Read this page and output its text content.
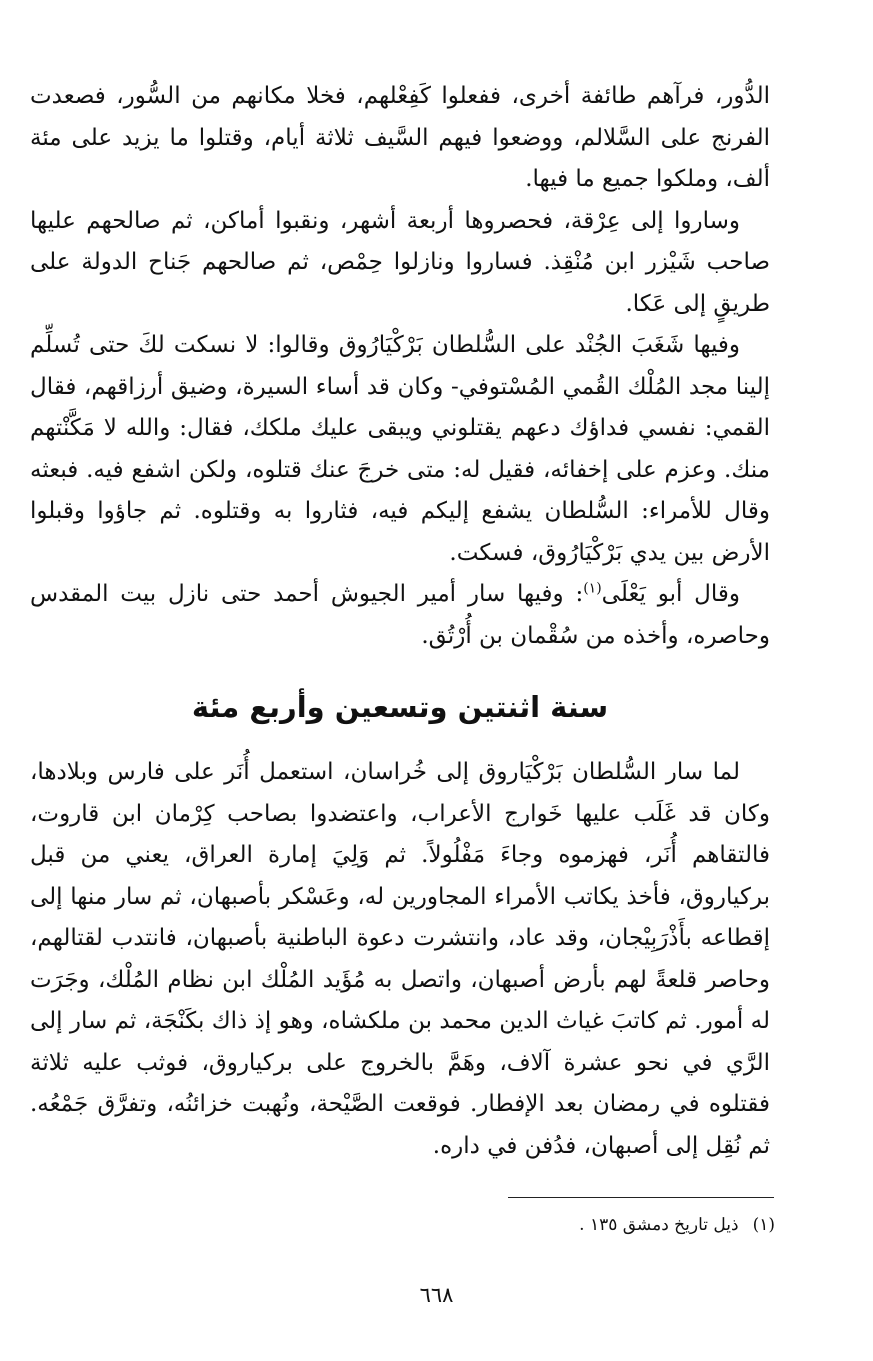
الدُّور، فرآهم طائفة أخرى، ففعلوا كَفِعْلهم، فخلا مكانهم من السُّور، فصعدت الفرنج على السَّلالم، ووضعوا فيهم السَّيف ثلاثة أيام، وقتلوا ما يزيد على مئة ألف، وملكوا جميع ما فيها.

وساروا إلى عِرْقة، فحصروها أربعة أشهر، ونقبوا أماكن، ثم صالحهم عليها صاحب شَيْزر ابن مُنْقِذ. فساروا ونازلوا حِمْص، ثم صالحهم جَناح الدولة على طريقٍ إلى عَكا.

وفيها شَغَبَ الجُنْد على السُّلطان بَرْكْيَارُوق وقالوا: لا نسكت لكَ حتى تُسلِّم إلينا مجد المُلْك القُمي المُسْتوفي- وكان قد أساء السيرة، وضيق أرزاقهم، فقال القمي: نفسي فداؤك دعهم يقتلوني ويبقى عليك ملكك، فقال: والله لا مَكَّنْتهم منك. وعزم على إخفائه، فقيل له: متى خرجَ عنك قتلوه، ولكن اشفع فيه. فبعثه وقال للأمراء: السُّلطان يشفع إليكم فيه، فثاروا به وقتلوه. ثم جاؤوا وقبلوا الأرض بين يدي بَرْكْيَارُوق، فسكت.

وقال أبو يَعْلَى$^{(١)}$: وفيها سار أمير الجيوش أحمد حتى نازل بيت المقدس وحاصره، وأخذه من سُقْمان بن أُرْتُق.

سنة اثنتين وتسعين وأربع مئة

لما سار السُّلطان بَرْكْيَاروق إلى خُراسان، استعمل أُنَر على فارس وبلادها، وكان قد غَلَب عليها خَوارج الأعراب، واعتضدوا بصاحب كِرْمان ابن قاروت، فالتقاهم أُنَر، فهزموه وجاءَ مَفْلُولاً. ثم وَلِيَ إمارة العراق، يعني من قبل بركياروق، فأخذ يكاتب الأمراء المجاورين له، وعَسْكر بأصبهان، ثم سار منها إلى إقطاعه بأَذْرَبِيْجان، وقد عاد، وانتشرت دعوة الباطنية بأصبهان، فانتدب لقتالهم، وحاصر قلعةً لهم بأرض أصبهان، واتصل به مُؤَيد المُلْك ابن نظام المُلْك، وجَرَت له أمور. ثم كاتبَ غياث الدين محمد بن ملكشاه، وهو إذ ذاك بكَنْجَة، ثم سار إلى الرَّي في نحو عشرة آلاف، وهَمَّ بالخروج على بركياروق، فوثب عليه ثلاثة فقتلوه في رمضان بعد الإفطار. فوقعت الصَّيْحة، ونُهبت خزائنُه، وتفرَّق جَمْعُه. ثم نُقِل إلى أصبهان، فدُفن في داره.

(١)ذيل تاريخ دمشق ١٣٥ .
٦٦٨
